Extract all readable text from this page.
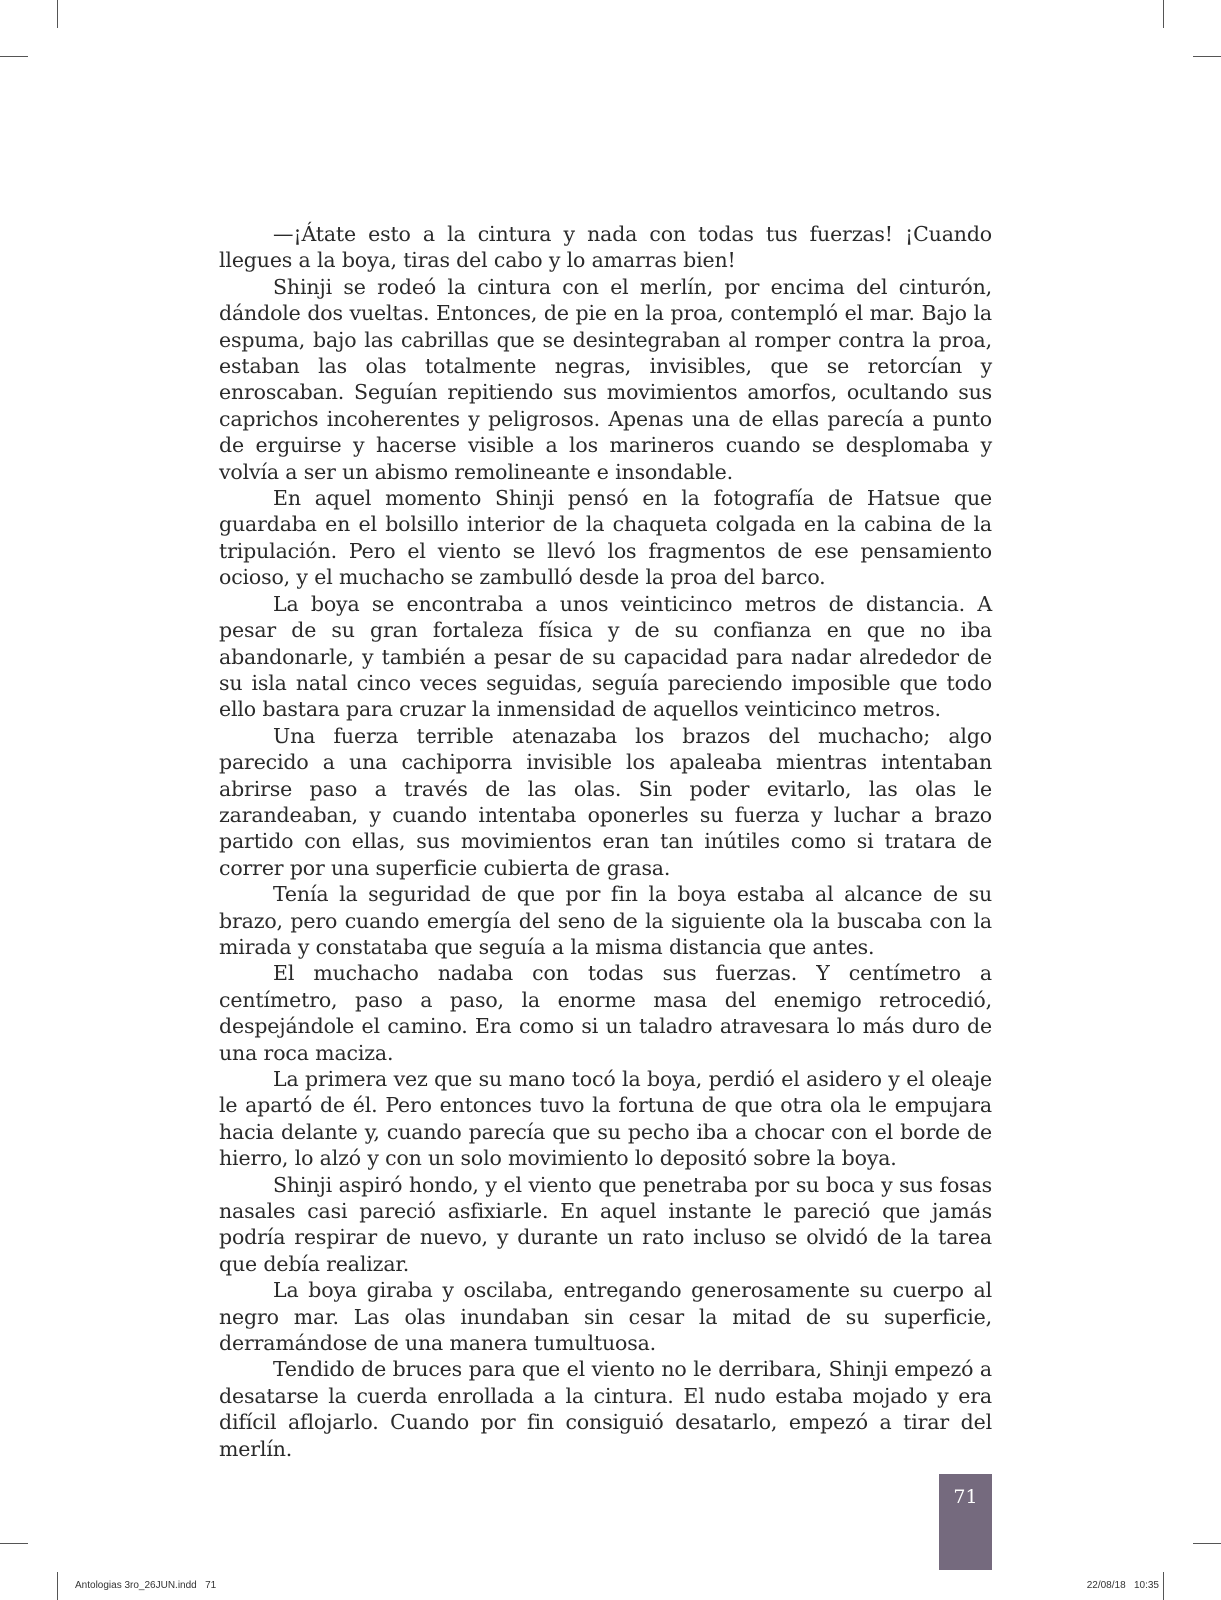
—¡Átate esto a la cintura y nada con todas tus fuerzas! ¡Cuando llegues a la boya, tiras del cabo y lo amarras bien!

Shinji se rodeó la cintura con el merlín, por encima del cinturón, dándole dos vueltas. Entonces, de pie en la proa, contempló el mar. Bajo la espuma, bajo las cabrillas que se desintegraban al romper contra la proa, estaban las olas totalmente negras, invisibles, que se retorcían y enroscaban. Seguían repitiendo sus movimientos amorfos, ocultando sus caprichos incoherentes y peligrosos. Apenas una de ellas parecía a punto de erguirse y hacerse visible a los marineros cuando se desplomaba y volvía a ser un abismo remolineante e insondable.

En aquel momento Shinji pensó en la fotografía de Hatsue que guardaba en el bolsillo interior de la chaqueta colgada en la cabina de la tripulación. Pero el viento se llevó los fragmentos de ese pensamiento ocioso, y el muchacho se zambulló desde la proa del barco.

La boya se encontraba a unos veinticinco metros de distancia. A pesar de su gran fortaleza física y de su confianza en que no iba abandonarle, y también a pesar de su capacidad para nadar alrededor de su isla natal cinco veces seguidas, seguía pareciendo imposible que todo ello bastara para cruzar la inmensidad de aquellos veinticinco metros.

Una fuerza terrible atenazaba los brazos del muchacho; algo parecido a una cachiporra invisible los apaleaba mientras intentaban abrirse paso a través de las olas. Sin poder evitarlo, las olas le zarandeaban, y cuando intentaba oponerles su fuerza y luchar a brazo partido con ellas, sus movimientos eran tan inútiles como si tratara de correr por una superficie cubierta de grasa.

Tenía la seguridad de que por fin la boya estaba al alcance de su brazo, pero cuando emergía del seno de la siguiente ola la buscaba con la mirada y constataba que seguía a la misma distancia que antes.

El muchacho nadaba con todas sus fuerzas. Y centímetro a centímetro, paso a paso, la enorme masa del enemigo retrocedió, despejándole el camino. Era como si un taladro atravesara lo más duro de una roca maciza.

La primera vez que su mano tocó la boya, perdió el asidero y el oleaje le apartó de él. Pero entonces tuvo la fortuna de que otra ola le empujara hacia delante y, cuando parecía que su pecho iba a chocar con el borde de hierro, lo alzó y con un solo movimiento lo depositó sobre la boya.

Shinji aspiró hondo, y el viento que penetraba por su boca y sus fosas nasales casi pareció asfixiarle. En aquel instante le pareció que jamás podría respirar de nuevo, y durante un rato incluso se olvidó de la tarea que debía realizar.

La boya giraba y oscilaba, entregando generosamente su cuerpo al negro mar. Las olas inundaban sin cesar la mitad de su superficie, derramándose de una manera tumultuosa.

Tendido de bruces para que el viento no le derribara, Shinji empezó a desatarse la cuerda enrollada a la cintura. El nudo estaba mojado y era difícil aflojarlo. Cuando por fin consiguió desatarlo, empezó a tirar del merlín.

71
Antologias 3ro_26JUN.indd   71	22/08/18   10:35
